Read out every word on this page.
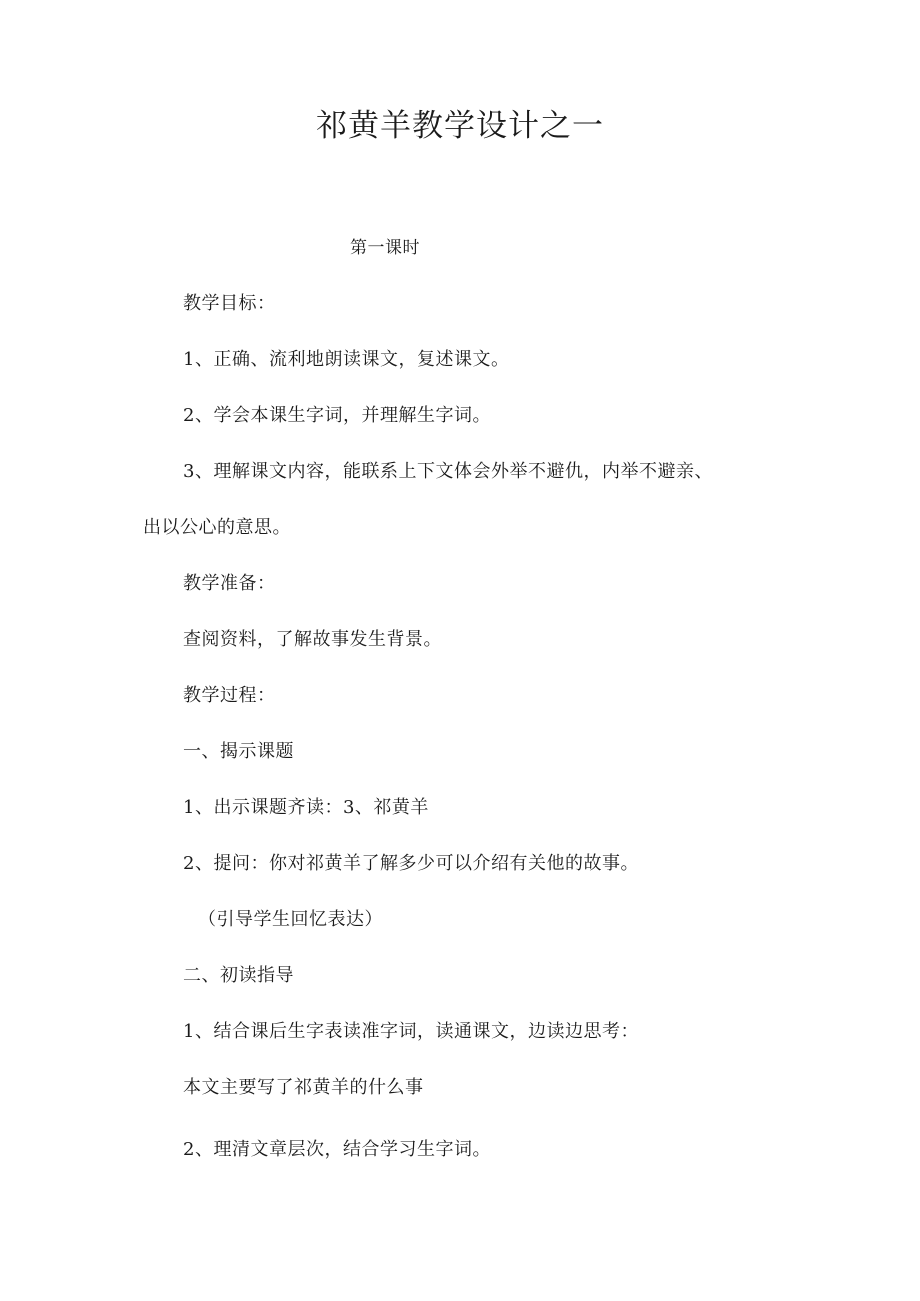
祁黄羊教学设计之一
第一课时
教学目标：
1、正确、流利地朗读课文，复述课文。
2、学会本课生字词，并理解生字词。
3、理解课文内容，能联系上下文体会外举不避仇，内举不避亲、
出以公心的意思。
教学准备：
查阅资料，了解故事发生背景。
教学过程：
一、揭示课题
1、出示课题齐读：3、祁黄羊
2、提问：你对祁黄羊了解多少可以介绍有关他的故事。
（引导学生回忆表达）
二、初读指导
1、结合课后生字表读准字词，读通课文，边读边思考：
本文主要写了祁黄羊的什么事
2、理清文章层次，结合学习生字词。
